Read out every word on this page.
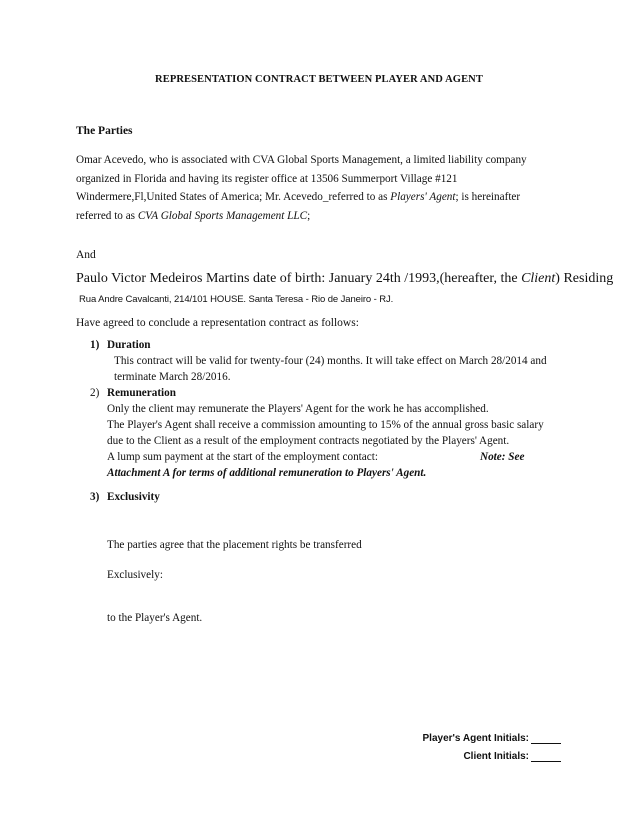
REPRESENTATION CONTRACT BETWEEN PLAYER AND AGENT
The Parties
Omar Acevedo, who is associated with CVA Global Sports Management, a limited liability company
organized in Florida and having its register office at 13506 Summerport Village #121
Windermere,Fl,United States of America; Mr. Acevedo_referred to as Players' Agent; is hereinafter
referred to as CVA Global Sports Management LLC;
And
Paulo Victor Medeiros Martins date of birth: January 24th /1993,(hereafter, the Client) Residing
Rua Andre Cavalcanti, 214/101 HOUSE. Santa Teresa - Rio de Janeiro - RJ.
Have agreed to conclude a representation contract as follows:
1) Duration
This contract will be valid for twenty-four (24) months. It will take effect on March 28/2014 and
terminate March 28/2016.
2) Remuneration
Only the client may remunerate the Players' Agent for the work he has accomplished.
The Player's Agent shall receive a commission amounting to 15% of the annual gross basic salary
due to the Client as a result of the employment contracts negotiated by the Players' Agent.
A lump sum payment at the start of the employment contact:	Note: See
Attachment A for terms of additional remuneration to Players' Agent.
3) Exclusivity
The parties agree that the placement rights be transferred
Exclusively:
to the Player's Agent.
Player's Agent Initials:
Client Initials:
